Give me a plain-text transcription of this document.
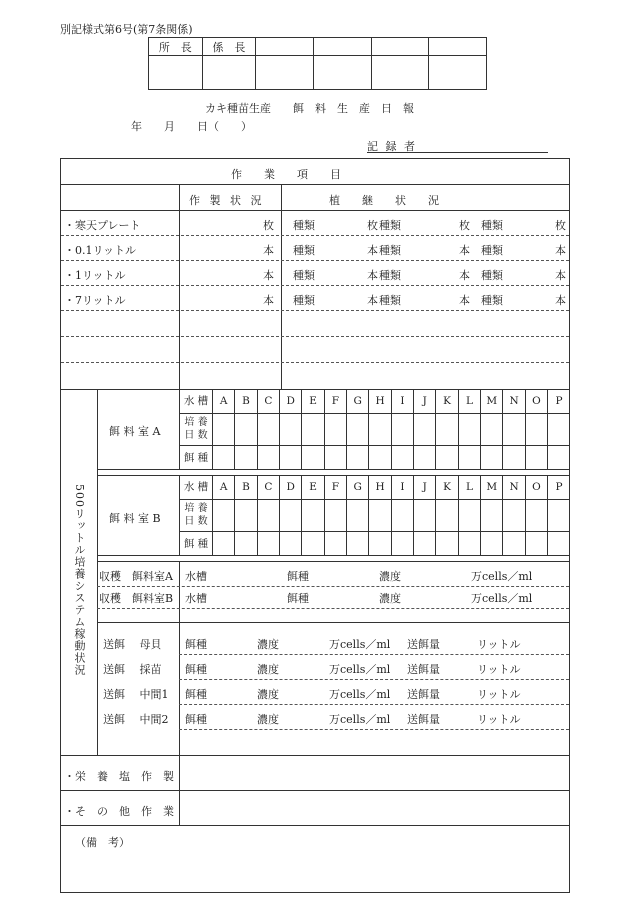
別記様式第6号(第7条関係)
所　長	係　長				

カキ種苗生産　　餌　料　生　産　日　報
年　　月　　日（　　）
記 録 者
作　　業　　項　　目
作 製 状 況	植　　継　　状　　況
・寒天プレート	枚 種類	枚 種類	枚 種類	枚
・0.1リットル	本 種類	本 種類	本 種類	本
・1リットル	本 種類	本 種類	本 種類	本
・7リットル	本 種類	本 種類	本 種類	本
500リットル培養システム稼動状況
餌 料 室 A
水 槽	A	B	C	D	E	F	G	H	I	J	K	L	M	N	O	P
培 養 日 数																
餌 種																
餌 料 室 B
水 槽	A	B	C	D	E	F	G	H	I	J	K	L	M	N	O	P
培 養 日 数																
餌 種																
収穫　餌料室A 水槽	餌種	濃度	万cells／ml
収穫　餌料室B 水槽	餌種	濃度	万cells／ml
送餌　 母貝 餌種	濃度	万cells／ml 送餌量	リットル
送餌　 採苗 餌種	濃度	万cells／ml 送餌量	リットル
送餌　 中間1 餌種	濃度	万cells／ml 送餌量	リットル
送餌　 中間2 餌種	濃度	万cells／ml 送餌量	リットル
・栄　養　塩　作　製
・そ　の　他　作　業
（備　考）
